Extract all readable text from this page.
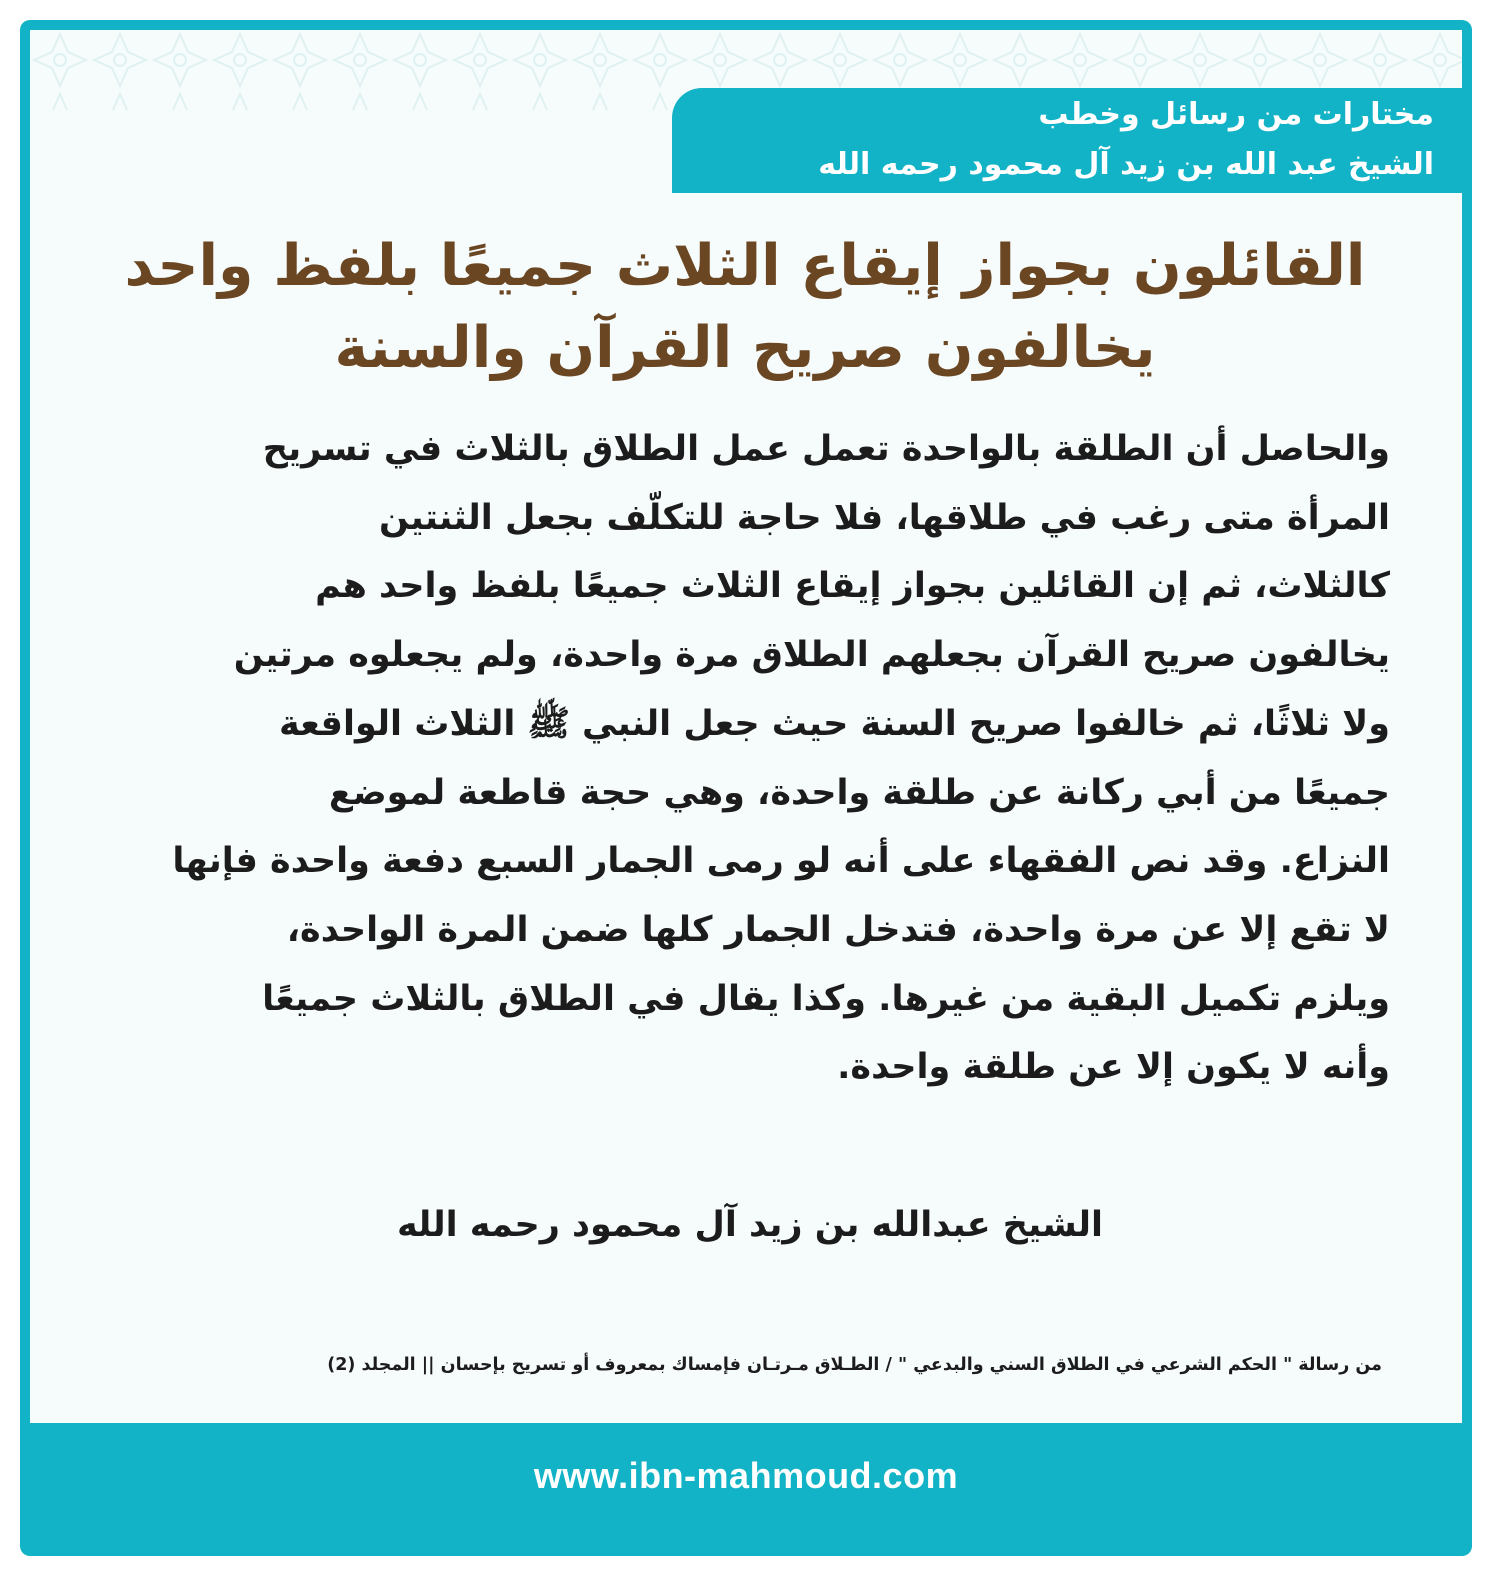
مختارات من رسائل وخطب
الشيخ عبد الله بن زيد آل محمود رحمه الله
القائلون بجواز إيقاع الثلاث جميعًا بلفظ واحد
يخالفون صريح القرآن والسنة
والحاصل أن الطلقة بالواحدة تعمل عمل الطلاق بالثلاث في تسريح
المرأة متى رغب في طلاقها، فلا حاجة للتكلّف بجعل الثنتين
كالثلاث، ثم إن القائلين بجواز إيقاع الثلاث جميعًا بلفظ واحد هم
يخالفون صريح القرآن بجعلهم الطلاق مرة واحدة، ولم يجعلوه مرتين
ولا ثلاثًا، ثم خالفوا صريح السنة حيث جعل النبي ﷺ الثلاث الواقعة
جميعًا من أبي ركانة عن طلقة واحدة، وهي حجة قاطعة لموضع
النزاع. وقد نص الفقهاء على أنه لو رمى الجمار السبع دفعة واحدة فإنها
لا تقع إلا عن مرة واحدة، فتدخل الجمار كلها ضمن المرة الواحدة،
ويلزم تكميل البقية من غيرها. وكذا يقال في الطلاق بالثلاث جميعًا
وأنه لا يكون إلا عن طلقة واحدة.
الشيخ عبدالله بن زيد آل محمود رحمه الله
من رسالة " الحكم الشرعي في الطلاق السني والبدعي " / الطـلاق مـرتـان فإمساك بمعروف أو تسريح بإحسان || المجلد (2)
www.ibn-mahmoud.com
